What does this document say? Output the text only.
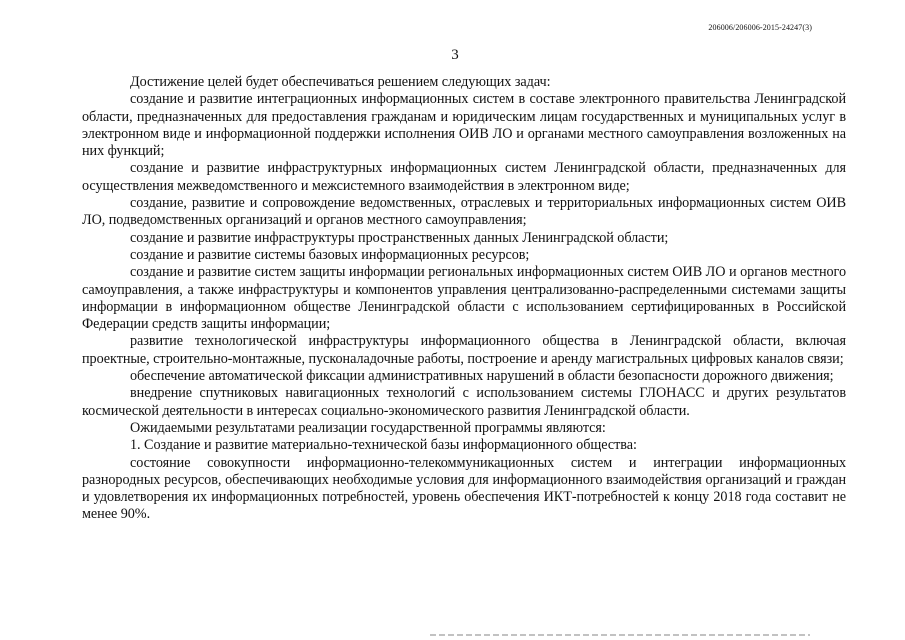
206006/206006-2015-24247(3)
3

Достижение целей будет обеспечиваться решением следующих задач:

создание и развитие интеграционных информационных систем в составе электронного правительства Ленинградской области, предназначенных для предоставления гражданам и юридическим лицам государственных и муниципальных услуг в электронном виде и информационной поддержки исполнения ОИВ ЛО и органами местного самоуправления возложенных на них функций;

создание и развитие инфраструктурных информационных систем Ленинградской области, предназначенных для осуществления межведомственного и межсистемного взаимодействия в электронном виде;

создание, развитие и сопровождение ведомственных, отраслевых и территориальных информационных систем ОИВ ЛО, подведомственных организаций и органов местного самоуправления;

создание и развитие инфраструктуры пространственных данных Ленинградской области;

создание и развитие системы базовых информационных ресурсов;

создание и развитие систем защиты информации региональных информационных систем ОИВ ЛО и органов местного самоуправления, а также инфраструктуры и компонентов управления централизованно-распределенными системами защиты информации в информационном обществе Ленинградской области с использованием сертифицированных в Российской Федерации средств защиты информации;

развитие технологической инфраструктуры информационного общества в Ленинградской области, включая проектные, строительно-монтажные, пусконаладочные работы, построение и аренду магистральных цифровых каналов связи;

обеспечение автоматической фиксации административных нарушений в области безопасности дорожного движения;

внедрение спутниковых навигационных технологий с использованием системы ГЛОНАСС и других результатов космической деятельности в интересах социально-экономического развития Ленинградской области.

Ожидаемыми результатами реализации государственной программы являются:

1. Создание и развитие материально-технической базы информационного общества:

состояние совокупности информационно-телекоммуникационных систем и интеграции информационных разнородных ресурсов, обеспечивающих необходимые условия для информационного взаимодействия организаций и граждан и удовлетворения их информационных потребностей, уровень обеспечения ИКТ-потребностей к концу 2018 года составит не менее 90%.
